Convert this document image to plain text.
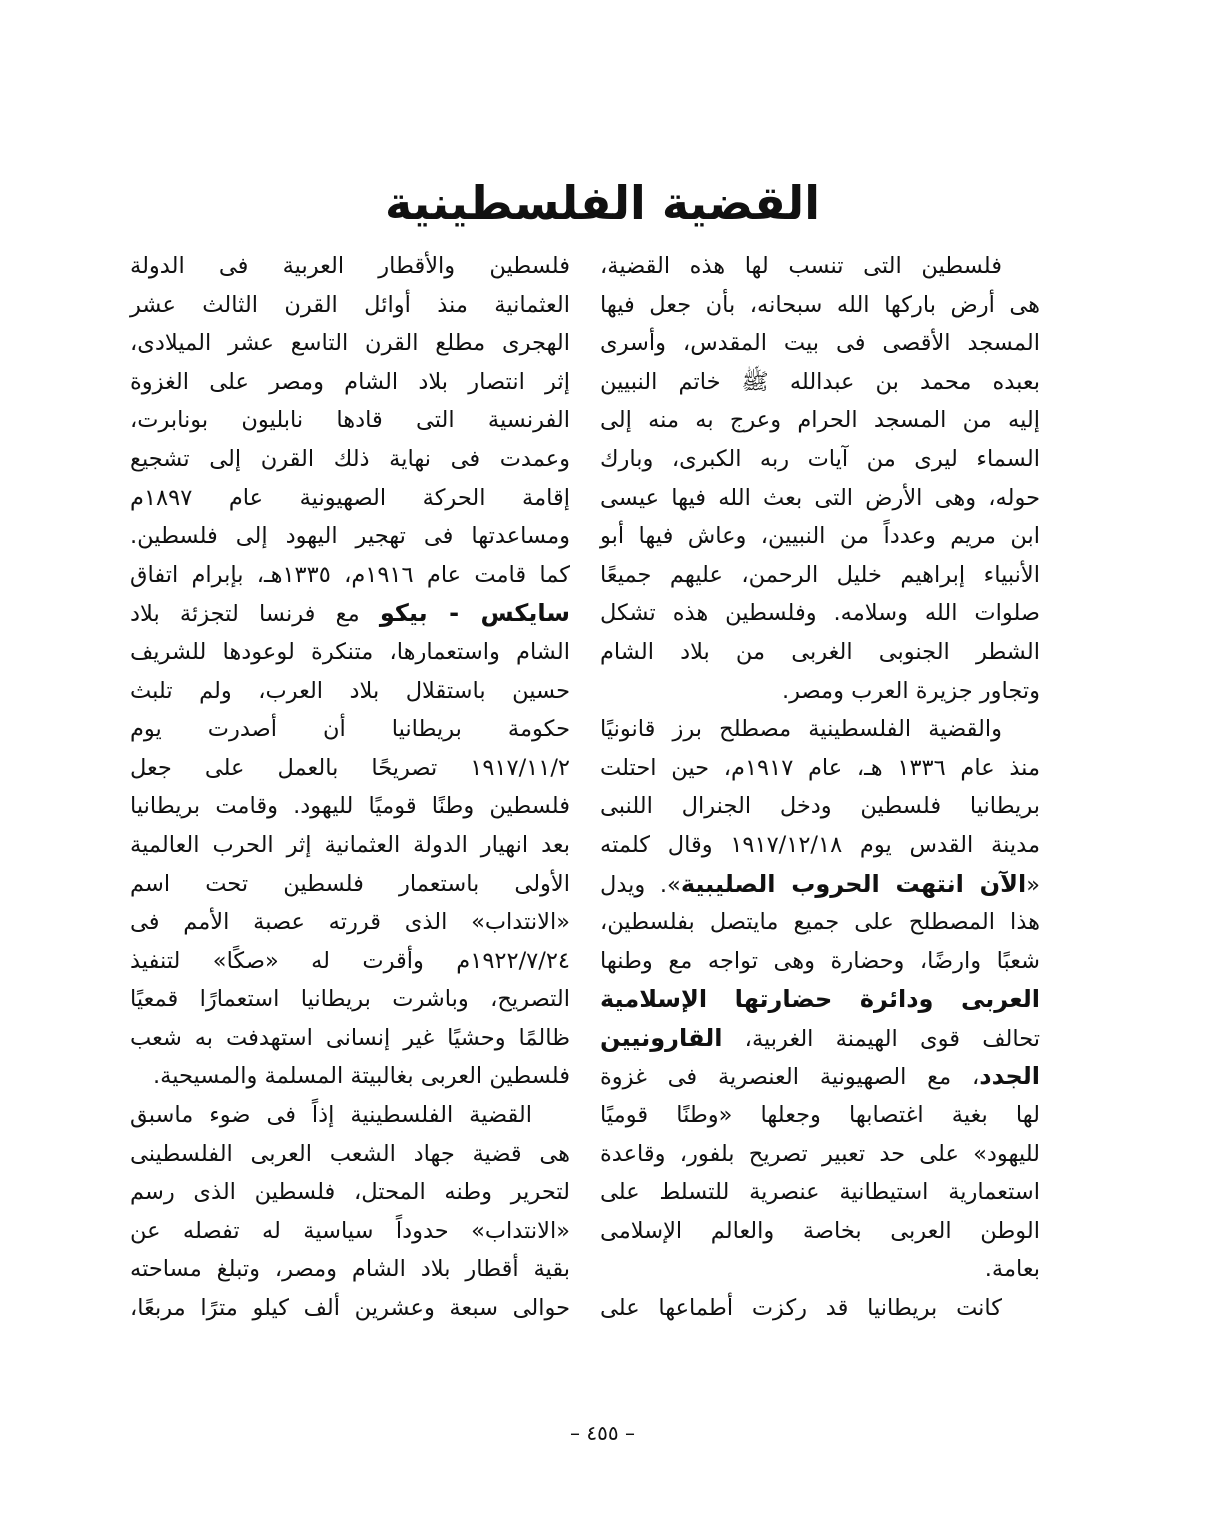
القضية الفلسطينية
فلسطين التى تنسب لها هذه القضية،
هى أرض باركها الله سبحانه، بأن جعل فيها
المسجد الأقصى فى بيت المقدس، وأسرى
بعبده محمد بن عبدالله ﷺ خاتم النبيين
إليه من المسجد الحرام وعرج به منه إلى
السماء ليرى من آيات ربه الكبرى، وبارك
حوله، وهى الأرض التى بعث الله فيها عيسى
ابن مريم وعدداً من النبيين، وعاش فيها أبو
الأنبياء إبراهيم خليل الرحمن، عليهم جميعًا
صلوات الله وسلامه. وفلسطين هذه تشكل
الشطر الجنوبى الغربى من بلاد الشام
وتجاور جزيرة العرب ومصر.
والقضية الفلسطينية مصطلح برز قانونيًا
منذ عام ١٣٣٦ هـ، عام ١٩١٧م، حين احتلت
بريطانيا فلسطين ودخل الجنرال اللنبى
مدينة القدس يوم ١٩١٧/١٢/١٨ وقال كلمته
«الآن انتهت الحروب الصليبية». ويدل
هذا المصطلح على جميع مايتصل بفلسطين،
شعبًا وارضًا، وحضارة وهى تواجه مع وطنها
العربى ودائرة حضارتها الإسلامية
تحالف قوى الهيمنة الغربية، القارونيين
الجدد، مع الصهيونية العنصرية فى غزوة
لها بغية اغتصابها وجعلها «وطنًا قوميًا
لليهود» على حد تعبير تصريح بلفور، وقاعدة
استعمارية استيطانية عنصرية للتسلط على
الوطن العربى بخاصة والعالم الإسلامى
بعامة.
كانت بريطانيا قد ركزت أطماعها على
فلسطين والأقطار العربية فى الدولة
العثمانية منذ أوائل القرن الثالث عشر
الهجرى مطلع القرن التاسع عشر الميلادى،
إثر انتصار بلاد الشام ومصر على الغزوة
الفرنسية التى قادها نابليون بونابرت،
وعمدت فى نهاية ذلك القرن إلى تشجيع
إقامة الحركة الصهيونية عام ١٨٩٧م
ومساعدتها فى تهجير اليهود إلى فلسطين.
كما قامت عام ١٩١٦م، ١٣٣٥هـ، بإبرام اتفاق
سايكس - بيكو مع فرنسا لتجزئة بلاد
الشام واستعمارها، متنكرة لوعودها للشريف
حسين باستقلال بلاد العرب، ولم تلبث
حكومة بريطانيا أن أصدرت يوم
١٩١٧/١١/٢ تصريحًا بالعمل على جعل
فلسطين وطنًا قوميًا لليهود. وقامت بريطانيا
بعد انهيار الدولة العثمانية إثر الحرب العالمية
الأولى باستعمار فلسطين تحت اسم
«الانتداب» الذى قررته عصبة الأمم فى
١٩٢٢/٧/٢٤م وأقرت له «صكًا» لتنفيذ
التصريح، وباشرت بريطانيا استعمارًا قمعيًا
ظالمًا وحشيًا غير إنسانى استهدفت به شعب
فلسطين العربى بغالبيتة المسلمة والمسيحية.
القضية الفلسطينية إذاً فى ضوء ماسبق
هى قضية جهاد الشعب العربى الفلسطينى
لتحرير وطنه المحتل، فلسطين الذى رسم
«الانتداب» حدوداً سياسية له تفصله عن
بقية أقطار بلاد الشام ومصر، وتبلغ مساحته
حوالى سبعة وعشرين ألف كيلو مترًا مربعًا،
– ٤٥٥ –
